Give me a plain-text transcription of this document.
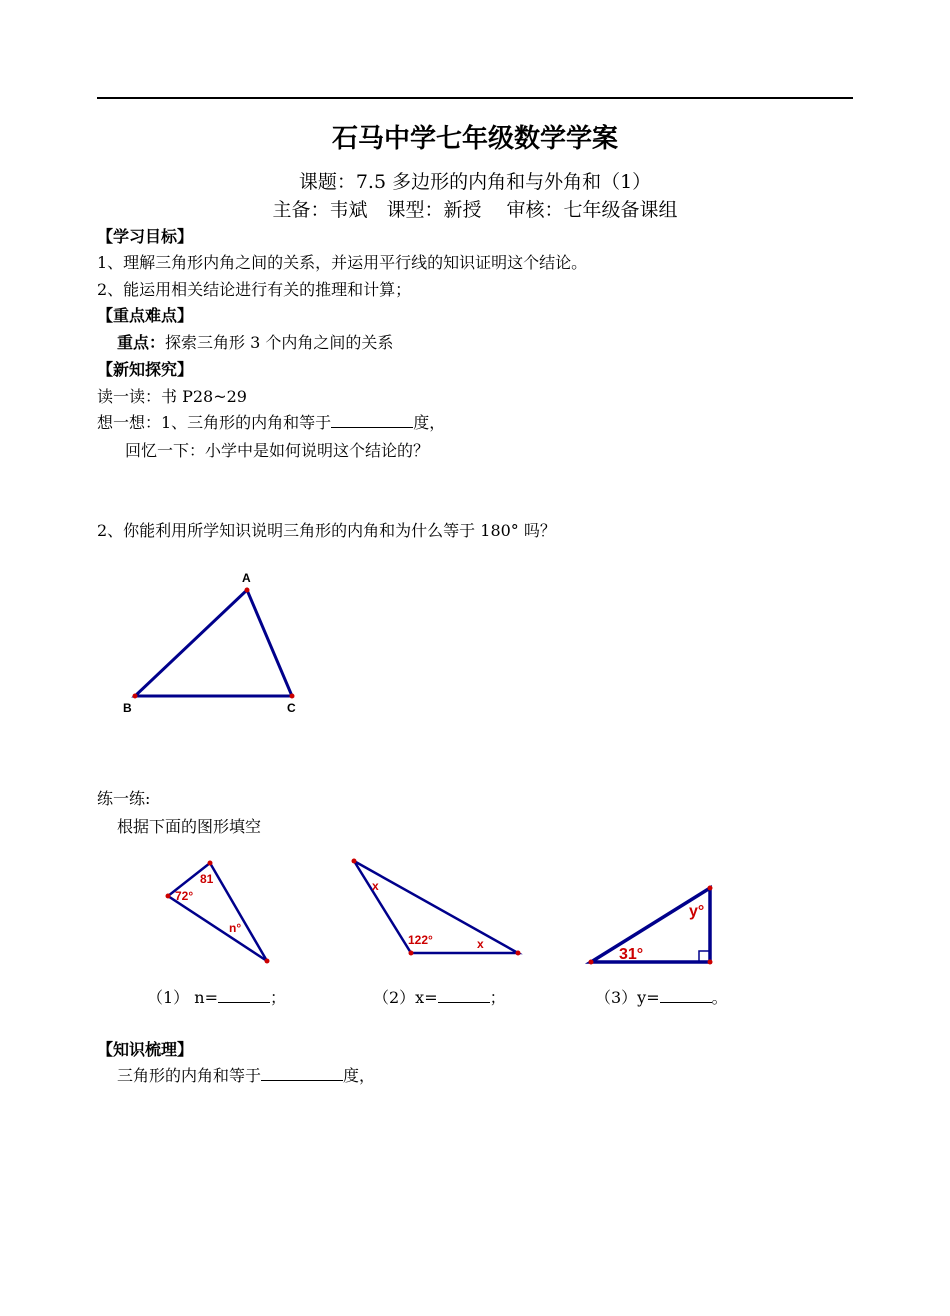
石马中学七年级数学学案
课题：7.5 多边形的内角和与外角和（1）
主备：韦斌　课型：新授　 审核：七年级备课组
【学习目标】
1、理解三角形内角之间的关系，并运用平行线的知识证明这个结论。
2、能运用相关结论进行有关的推理和计算；
【重点难点】
重点：探索三角形 3 个内角之间的关系
【新知探究】
读一读：书 P28~29
想一想：1、三角形的内角和等于	度，
回忆一下：小学中是如何说明这个结论的？
2、你能利用所学知识说明三角形的内角和为什么等于 180° 吗？
A
B	C
练一练:
根据下面的图形填空
81
72°
n°
x
122°	x
y°
31°
（1） n=	；	（2）x=	；	（3）y=	。
【知识梳理】
三角形的内角和等于	度，
